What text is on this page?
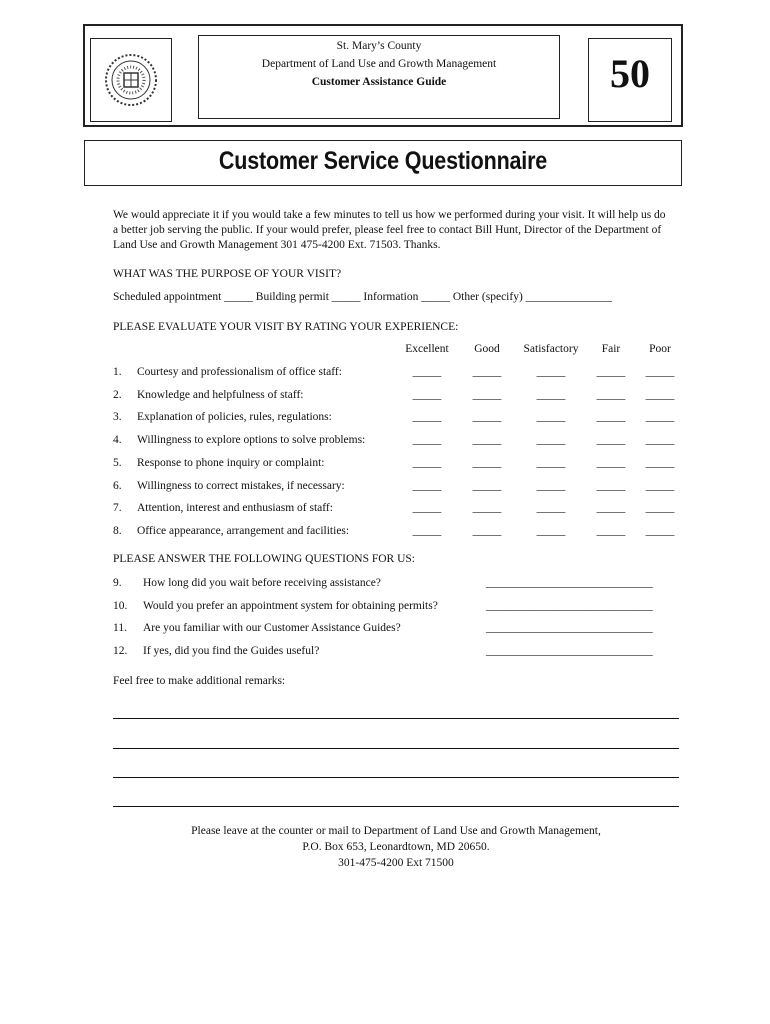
St. Mary’s County
Department of Land Use and Growth Management
Customer Assistance Guide	50
Customer Service Questionnaire
We would appreciate it if you would take a few minutes to tell us how we performed during your visit. It will help us do a better job serving the public. If your would prefer, please feel free to contact Bill Hunt, Director of the Department of Land Use and Growth Management 301 475-4200 Ext. 71503. Thanks.
WHAT WAS THE PURPOSE OF YOUR VISIT?
Scheduled appointment _____ Building permit _____ Information _____ Other (specify) _______________
PLEASE EVALUATE YOUR VISIT BY RATING YOUR EXPERIENCE:
Excellent	Good	Satisfactory	Fair	Poor
1. Courtesy and professionalism of office staff:	_____	_____	_____	_____	_____
2. Knowledge and helpfulness of staff:	_____	_____	_____	_____	_____
3. Explanation of policies, rules, regulations:	_____	_____	_____	_____	_____
4. Willingness to explore options to solve problems:	_____	_____	_____	_____	_____
5. Response to phone inquiry or complaint:	_____	_____	_____	_____	_____
6. Willingness to correct mistakes, if necessary:	_____	_____	_____	_____	_____
7. Attention, interest and enthusiasm of staff:	_____	_____	_____	_____	_____
8. Office appearance, arrangement and facilities:	_____	_____	_____	_____	_____
PLEASE ANSWER THE FOLLOWING QUESTIONS FOR US:
9. How long did you wait before receiving assistance?	_____________________________
10. Would you prefer an appointment system for obtaining permits?	_____________________________
11. Are you familiar with our Customer Assistance Guides?	_____________________________
12. If yes, did you find the Guides useful?	_____________________________
Feel free to make additional remarks:
Please leave at the counter or mail to Department of Land Use and Growth Management,
P.O. Box 653, Leonardtown, MD 20650.
301-475-4200 Ext 71500
